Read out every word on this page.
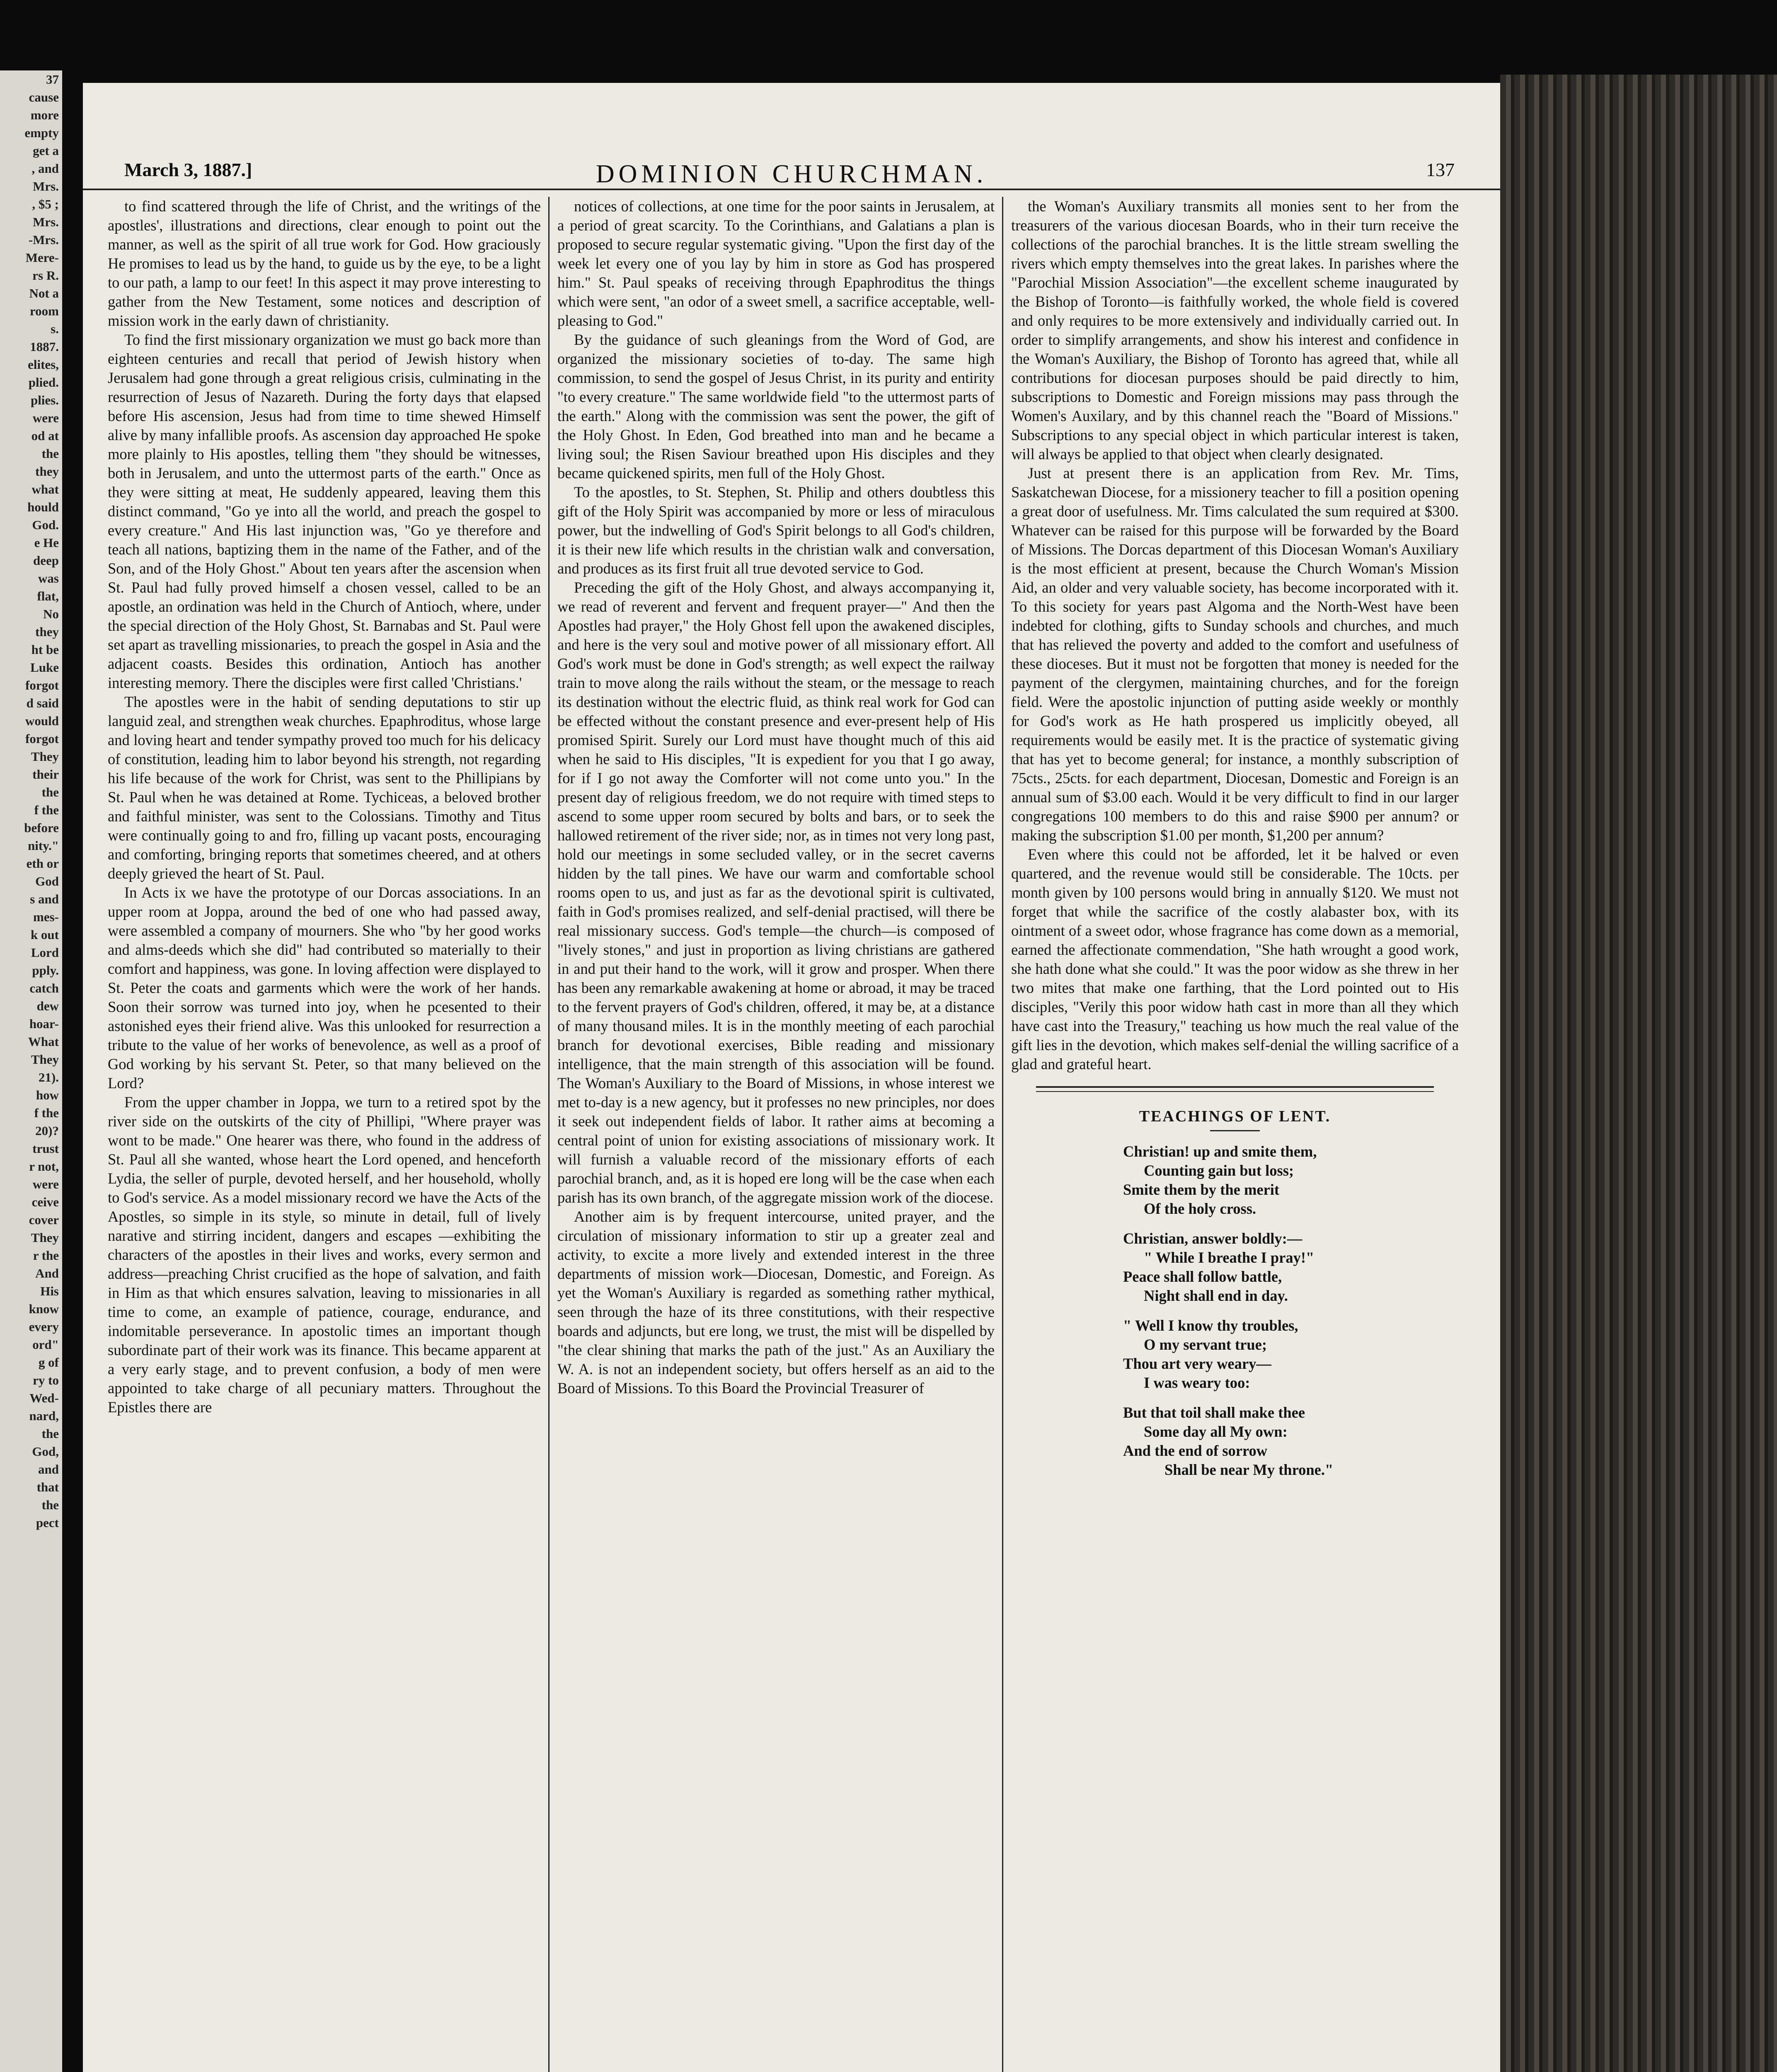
37
cause
more
empty
get a
, and
Mrs.
, $5 ;
Mrs.
-Mrs.
Mere-
rs R.
Not a
room
s.
1887.
elites,
plied.
plies.
were
od at
the
they
what
hould
God.
e He
deep
was
flat,
No
they
ht be
Luke
forgot
d said
would
forgot
They
their
the
f the
before
nity."
eth or
God
s and
mes-
k out
Lord
pply.
catch
dew
hoar-
What
They
21).
how
f the
20)?
trust
r not,
were
ceive
cover
They
r the
And
His
know
every
ord"
g of
ry to
Wed-
nard,
the
God,
and
that
the
pect
March 3, 1887.]	DOMINION CHURCHMAN.	137

to find scattered through the life of Christ, and the writings of the apostles', illustrations and directions, clear enough to point out the manner, as well as the spirit of all true work for God. How graciously He promises to lead us by the hand, to guide us by the eye, to be a light to our path, a lamp to our feet! In this aspect it may prove interesting to gather from the New Testament, some notices and description of mission work in the early dawn of christianity.

To find the first missionary organization we must go back more than eighteen centuries and recall that period of Jewish history when Jerusalem had gone through a great religious crisis, culminating in the resurrection of Jesus of Nazareth. During the forty days that elapsed before His ascension, Jesus had from time to time shewed Himself alive by many infallible proofs. As ascension day approached He spoke more plainly to His apostles, telling them "they should be witnesses, both in Jerusalem, and unto the uttermost parts of the earth." Once as they were sitting at meat, He suddenly appeared, leaving them this distinct command, "Go ye into all the world, and preach the gospel to every creature." And His last injunction was, "Go ye therefore and teach all nations, baptizing them in the name of the Father, and of the Son, and of the Holy Ghost." About ten years after the ascension when St. Paul had fully proved himself a chosen vessel, called to be an apostle, an ordination was held in the Church of Antioch, where, under the special direction of the Holy Ghost, St. Barnabas and St. Paul were set apart as travelling missionaries, to preach the gospel in Asia and the adjacent coasts. Besides this ordination, Antioch has another interesting memory. There the disciples were first called 'Christians.'

The apostles were in the habit of sending deputations to stir up languid zeal, and strengthen weak churches. Epaphroditus, whose large and loving heart and tender sympathy proved too much for his delicacy of constitution, leading him to labor beyond his strength, not regarding his life because of the work for Christ, was sent to the Phillipians by St. Paul when he was detained at Rome. Tychiceas, a beloved brother and faithful minister, was sent to the Colossians. Timothy and Titus were continually going to and fro, filling up vacant posts, encouraging and comforting, bringing reports that sometimes cheered, and at others deeply grieved the heart of St. Paul.

In Acts ix we have the prototype of our Dorcas associations. In an upper room at Joppa, around the bed of one who had passed away, were assembled a company of mourners. She who "by her good works and alms-deeds which she did" had contributed so materially to their comfort and happiness, was gone. In loving affection were displayed to St. Peter the coats and garments which were the work of her hands. Soon their sorrow was turned into joy, when he pcesented to their astonished eyes their friend alive. Was this unlooked for resurrection a tribute to the value of her works of benevolence, as well as a proof of God working by his servant St. Peter, so that many believed on the Lord?

From the upper chamber in Joppa, we turn to a retired spot by the river side on the outskirts of the city of Phillipi, "Where prayer was wont to be made." One hearer was there, who found in the address of St. Paul all she wanted, whose heart the Lord opened, and henceforth Lydia, the seller of purple, devoted herself, and her household, wholly to God's service. As a model missionary record we have the Acts of the Apostles, so simple in its style, so minute in detail, full of lively narative and stirring incident, dangers and escapes —exhibiting the characters of the apostles in their lives and works, every sermon and address—preaching Christ crucified as the hope of salvation, and faith in Him as that which ensures salvation, leaving to missionaries in all time to come, an example of patience, courage, endurance, and indomitable perseverance. In apostolic times an important though subordinate part of their work was its finance. This became apparent at a very early stage, and to prevent confusion, a body of men were appointed to take charge of all pecuniary matters. Throughout the Epistles there are

notices of collections, at one time for the poor saints in Jerusalem, at a period of great scarcity. To the Corinthians, and Galatians a plan is proposed to secure regular systematic giving. "Upon the first day of the week let every one of you lay by him in store as God has prospered him." St. Paul speaks of receiving through Epaphroditus the things which were sent, "an odor of a sweet smell, a sacrifice acceptable, well-pleasing to God."

By the guidance of such gleanings from the Word of God, are organized the missionary societies of to-day. The same high commission, to send the gospel of Jesus Christ, in its purity and entirity "to every creature." The same worldwide field "to the uttermost parts of the earth." Along with the commission was sent the power, the gift of the Holy Ghost. In Eden, God breathed into man and he became a living soul; the Risen Saviour breathed upon His disciples and they became quickened spirits, men full of the Holy Ghost.

To the apostles, to St. Stephen, St. Philip and others doubtless this gift of the Holy Spirit was accompanied by more or less of miraculous power, but the indwelling of God's Spirit belongs to all God's children, it is their new life which results in the christian walk and conversation, and produces as its first fruit all true devoted service to God.

Preceding the gift of the Holy Ghost, and always accompanying it, we read of reverent and fervent and frequent prayer—" And then the Apostles had prayer," the Holy Ghost fell upon the awakened disciples, and here is the very soul and motive power of all missionary effort. All God's work must be done in God's strength; as well expect the railway train to move along the rails without the steam, or the message to reach its destination without the electric fluid, as think real work for God can be effected without the constant presence and ever-present help of His promised Spirit. Surely our Lord must have thought much of this aid when he said to His disciples, "It is expedient for you that I go away, for if I go not away the Comforter will not come unto you." In the present day of religious freedom, we do not require with timed steps to ascend to some upper room secured by bolts and bars, or to seek the hallowed retirement of the river side; nor, as in times not very long past, hold our meetings in some secluded valley, or in the secret caverns hidden by the tall pines. We have our warm and comfortable school rooms open to us, and just as far as the devotional spirit is cultivated, faith in God's promises realized, and self-denial practised, will there be real missionary success. God's temple—the church—is composed of "lively stones," and just in proportion as living christians are gathered in and put their hand to the work, will it grow and prosper. When there has been any remarkable awakening at home or abroad, it may be traced to the fervent prayers of God's children, offered, it may be, at a distance of many thousand miles. It is in the monthly meeting of each parochial branch for devotional exercises, Bible reading and missionary intelligence, that the main strength of this association will be found. The Woman's Auxiliary to the Board of Missions, in whose interest we met to-day is a new agency, but it professes no new principles, nor does it seek out independent fields of labor. It rather aims at becoming a central point of union for existing associations of missionary work. It will furnish a valuable record of the missionary efforts of each parochial branch, and, as it is hoped ere long will be the case when each parish has its own branch, of the aggregate mission work of the diocese.

Another aim is by frequent intercourse, united prayer, and the circulation of missionary information to stir up a greater zeal and activity, to excite a more lively and extended interest in the three departments of mission work—Diocesan, Domestic, and Foreign. As yet the Woman's Auxiliary is regarded as something rather mythical, seen through the haze of its three constitutions, with their respective boards and adjuncts, but ere long, we trust, the mist will be dispelled by "the clear shining that marks the path of the just." As an Auxiliary the W. A. is not an independent society, but offers herself as an aid to the Board of Missions. To this Board the Provincial Treasurer of

the Woman's Auxiliary transmits all monies sent to her from the treasurers of the various diocesan Boards, who in their turn receive the collections of the parochial branches. It is the little stream swelling the rivers which empty themselves into the great lakes. In parishes where the "Parochial Mission Association"—the excellent scheme inaugurated by the Bishop of Toronto—is faithfully worked, the whole field is covered and only requires to be more extensively and individually carried out. In order to simplify arrangements, and show his interest and confidence in the Woman's Auxiliary, the Bishop of Toronto has agreed that, while all contributions for diocesan purposes should be paid directly to him, subscriptions to Domestic and Foreign missions may pass through the Women's Auxilary, and by this channel reach the "Board of Missions." Subscriptions to any special object in which particular interest is taken, will always be applied to that object when clearly designated.

Just at present there is an application from Rev. Mr. Tims, Saskatchewan Diocese, for a missionery teacher to fill a position opening a great door of usefulness. Mr. Tims calculated the sum required at $300. Whatever can be raised for this purpose will be forwarded by the Board of Missions. The Dorcas department of this Diocesan Woman's Auxiliary is the most efficient at present, because the Church Woman's Mission Aid, an older and very valuable society, has become incorporated with it. To this society for years past Algoma and the North-West have been indebted for clothing, gifts to Sunday schools and churches, and much that has relieved the poverty and added to the comfort and usefulness of these dioceses. But it must not be forgotten that money is needed for the payment of the clergymen, maintaining churches, and for the foreign field. Were the apostolic injunction of putting aside weekly or monthly for God's work as He hath prospered us implicitly obeyed, all requirements would be easily met. It is the practice of systematic giving that has yet to become general; for instance, a monthly subscription of 75cts., 25cts. for each department, Diocesan, Domestic and Foreign is an annual sum of $3.00 each. Would it be very difficult to find in our larger congregations 100 members to do this and raise $900 per annum? or making the subscription $1.00 per month, $1,200 per annum?

Even where this could not be afforded, let it be halved or even quartered, and the revenue would still be considerable. The 10cts. per month given by 100 persons would bring in annually $120. We must not forget that while the sacrifice of the costly alabaster box, with its ointment of a sweet odor, whose fragrance has come down as a memorial, earned the affectionate commendation, "She hath wrought a good work, she hath done what she could." It was the poor widow as she threw in her two mites that make one farthing, that the Lord pointed out to His disciples, "Verily this poor widow hath cast in more than all they which have cast into the Treasury," teaching us how much the real value of the gift lies in the devotion, which makes self-denial the willing sacrifice of a glad and grateful heart.

TEACHINGS OF LENT.
Christian! up and smite them,
Counting gain but loss;
Smite them by the merit
Of the holy cross.
Christian, answer boldly:—
" While I breathe I pray!"
Peace shall follow battle,
Night shall end in day.
" Well I know thy troubles,
O my servant true;
Thou art very weary—
I was weary too:
But that toil shall make thee
Some day all My own:
And the end of sorrow
Shall be near My throne."
